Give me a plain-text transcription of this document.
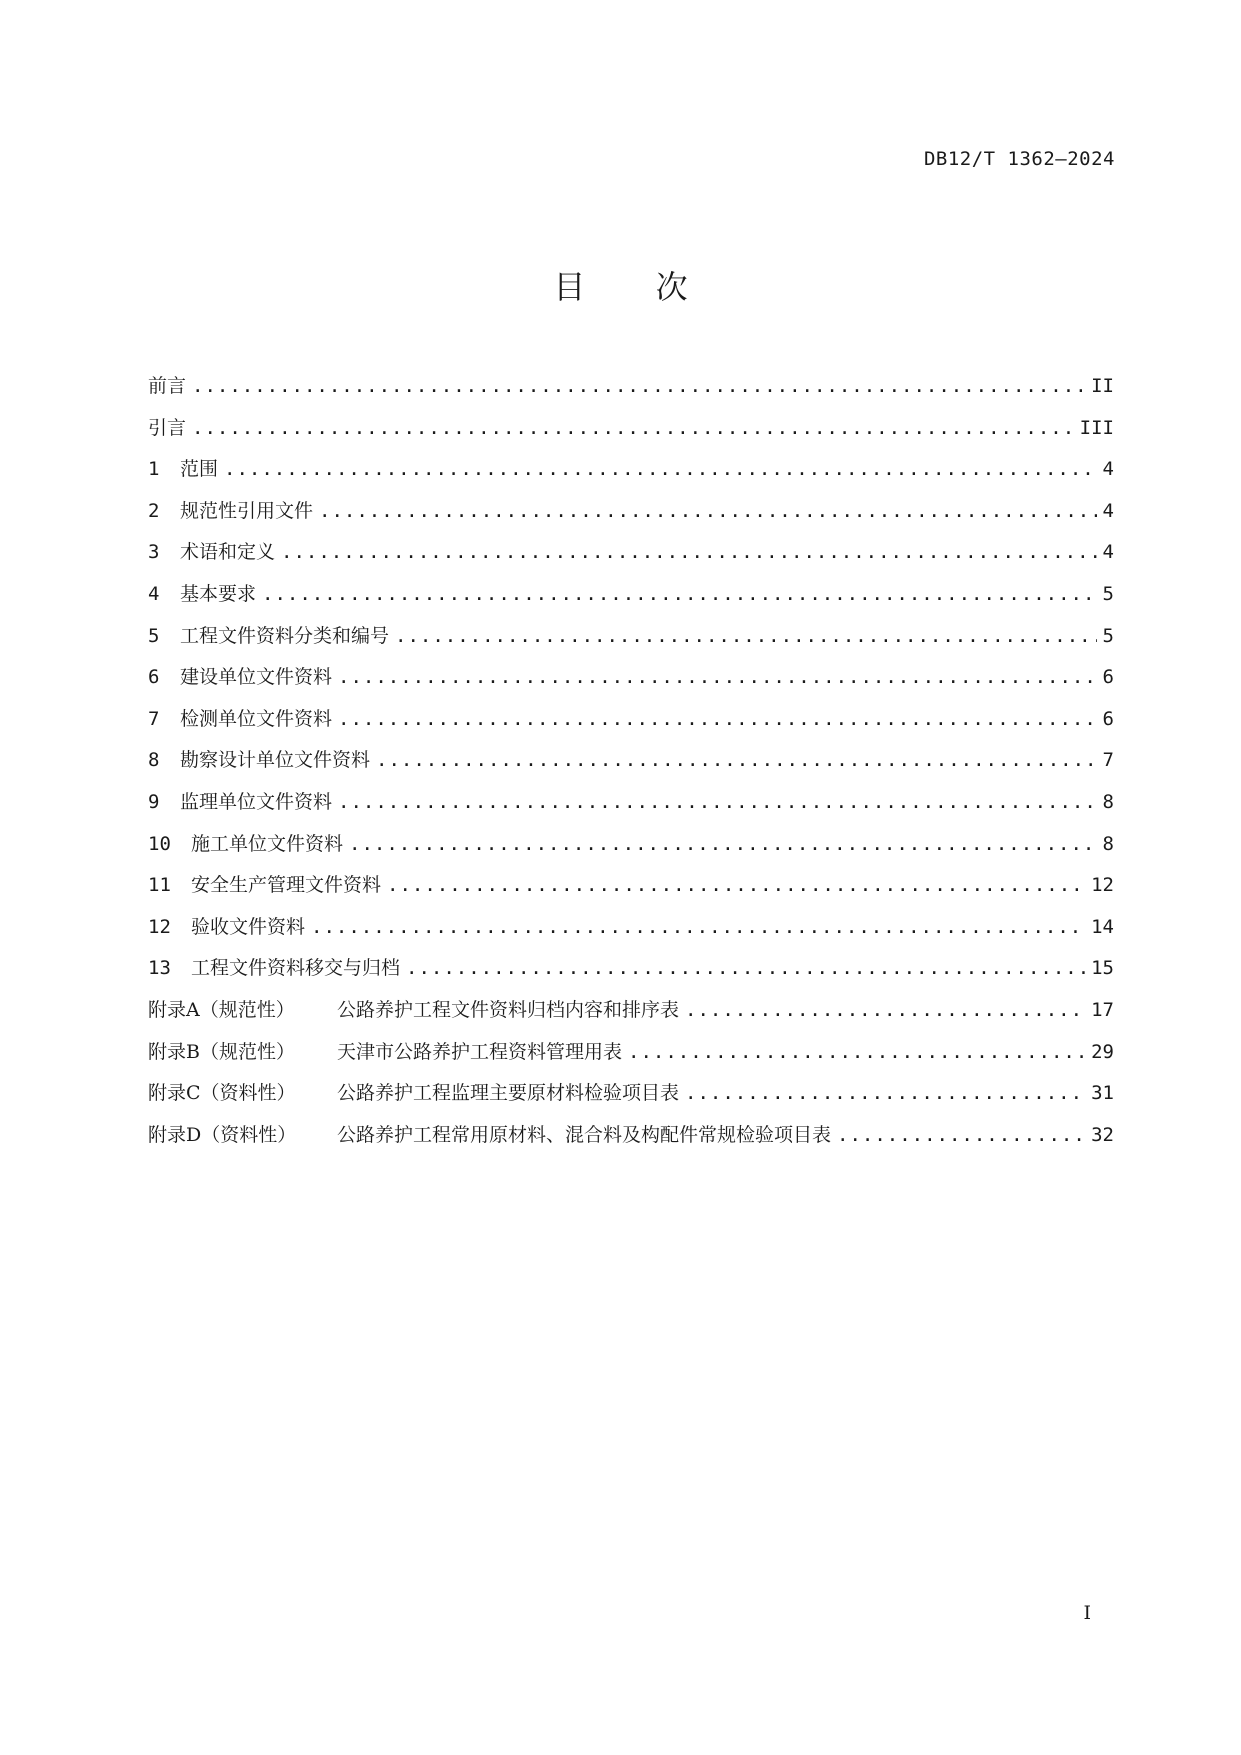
DB12/T 1362—2024
目 次
前言 .....	II
引言 .....	III
1	范围 .....	4
2	规范性引用文件 .....	4
3	术语和定义 .....	4
4	基本要求 .....	5
5	工程文件资料分类和编号 .....	5
6	建设单位文件资料 .....	6
7	检测单位文件资料 .....	6
8	勘察设计单位文件资料 .....	7
9	监理单位文件资料 .....	8
10	施工单位文件资料 .....	8
11	安全生产管理文件资料 .....	12
12	验收文件资料 .....	14
13	工程文件资料移交与归档 .....	15
附录A（规范性）	公路养护工程文件资料归档内容和排序表 .....	17
附录B（规范性）	天津市公路养护工程资料管理用表 .....	29
附录C（资料性）	公路养护工程监理主要原材料检验项目表 .....	31
附录D（资料性）	公路养护工程常用原材料、混合料及构配件常规检验项目表 .....	32
I
